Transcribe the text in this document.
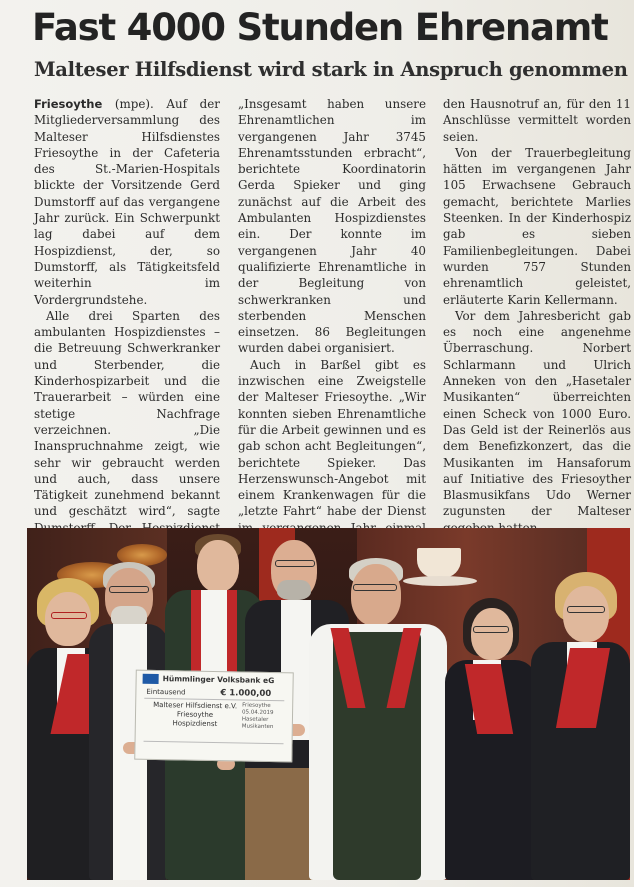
Fast 4000 Stunden Ehrenamt
Malteser Hilfsdienst wird stark in Anspruch genommen

Friesoythe (mpe). Auf der Mitgliederversammlung des Malteser Hilfsdienstes Friesoythe in der Cafeteria des St.-Marien-Hospitals blickte der Vorsitzende Gerd Dumstorff auf das vergangene Jahr zurück. Ein Schwerpunkt lag dabei auf dem Hospizdienst, der, so Dumstorff, als Tätigkeitsfeld weiterhin im Vordergrundstehe.

Alle drei Sparten des ambulanten Hospizdienstes – die Betreuung Schwerkranker und Sterbender, die Kinderhospizarbeit und die Trauerarbeit – würden eine stetige Nachfrage verzeichnen. „Die Inanspruchnahme zeigt, wie sehr wir gebraucht werden und auch, dass unsere Tätigkeit zunehmend bekannt und geschätzt wird“, sagte

„Insgesamt haben unsere Ehrenamtlichen im vergangenen Jahr 3745 Ehrenamtsstunden erbracht“, berichtete Koordinatorin Gerda Spieker und ging zunächst auf die Arbeit des Ambulanten Hospizdienstes ein. Der konnte im vergangenen Jahr 40 qualifizierte Ehrenamtliche in der Begleitung von schwerkranken und sterbenden Menschen einsetzen. 86 Begleitungen wurden dabei organisiert.

Auch in Barßel gibt es inzwischen eine Zweigstelle der Malteser Friesoythe. „Wir konnten sieben Ehrenamtliche für die Arbeit gewinnen und es gab schon acht Begleitungen“, berichtete Spieker. Das Herzenswunsch-Angebot mit einem Krankenwagen für die „letzte Fahrt“ habe der Dienst

den Hausnotruf an, für den 11 Anschlüsse vermittelt worden seien.

Von der Trauerbegleitung hätten im vergangenen Jahr 105 Erwachsene Gebrauch gemacht, berichtete Marlies Steenken. In der Kinderhospiz gab es sieben Familienbegleitungen. Dabei wurden 757 Stunden ehrenamtlich geleistet, erläuterte Karin Kellermann.

Vor dem Jahresbericht gab es noch eine angenehme Überraschung. Norbert Schlarmann und Ulrich Anneken von den „Hasetaler Musikanten“ überreichten einen Scheck von 1000 Euro. Das Geld ist der Reinerlös aus dem Benefizkonzert, das die Musikanten im Hansaforum auf Initiative des Friesoyther Blasmusikfans Udo Werner zugunsten der Malteser

Hümmlinger Volksbank eG
Eintausend	€ 1.000,00
Malteser Hilfsdienst e.V.
Friesoythe
Hospizdienst
Friesoythe
05.04.2019
Hasetaler
Musikanten
